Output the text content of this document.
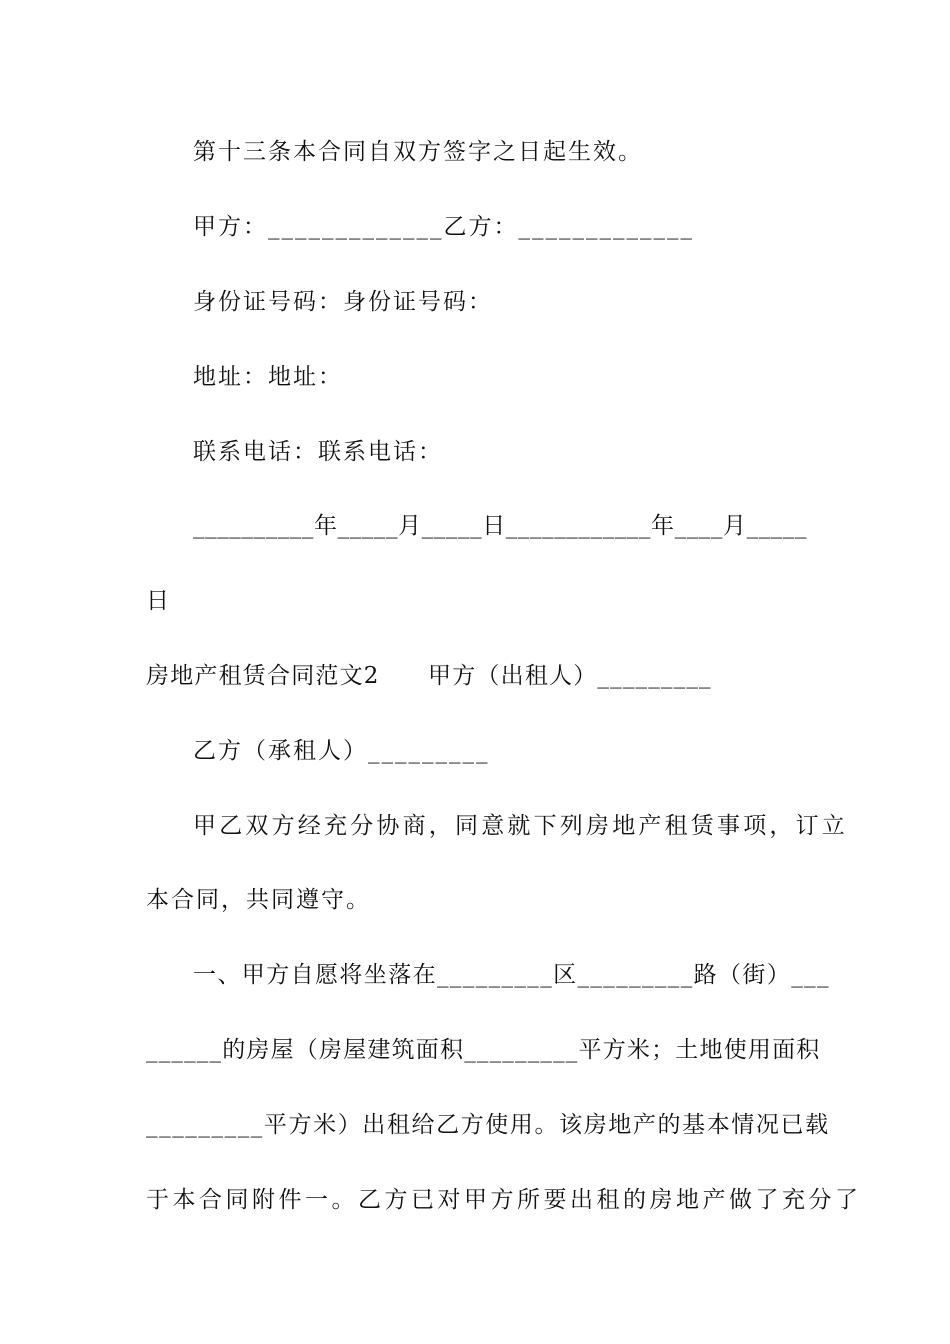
第十三条本合同自双方签字之日起生效。
甲方：_____________乙方：_____________
身份证号码：身份证号码：
地址：地址：
联系电话：联系电话：
__________年_____月_____日____________年____月_____
日
房地产租赁合同范文2　　甲方（出租人）_________
乙方（承租人）_________
甲乙双方经充分协商，同意就下列房地产租赁事项，订立
本合同，共同遵守。
一、甲方自愿将坐落在_________区_________路（街）___
______的房屋（房屋建筑面积_________平方米；土地使用面积
_________平方米）出租给乙方使用。该房地产的基本情况已载
于本合同附件一。乙方已对甲方所要出租的房地产做了充分了
